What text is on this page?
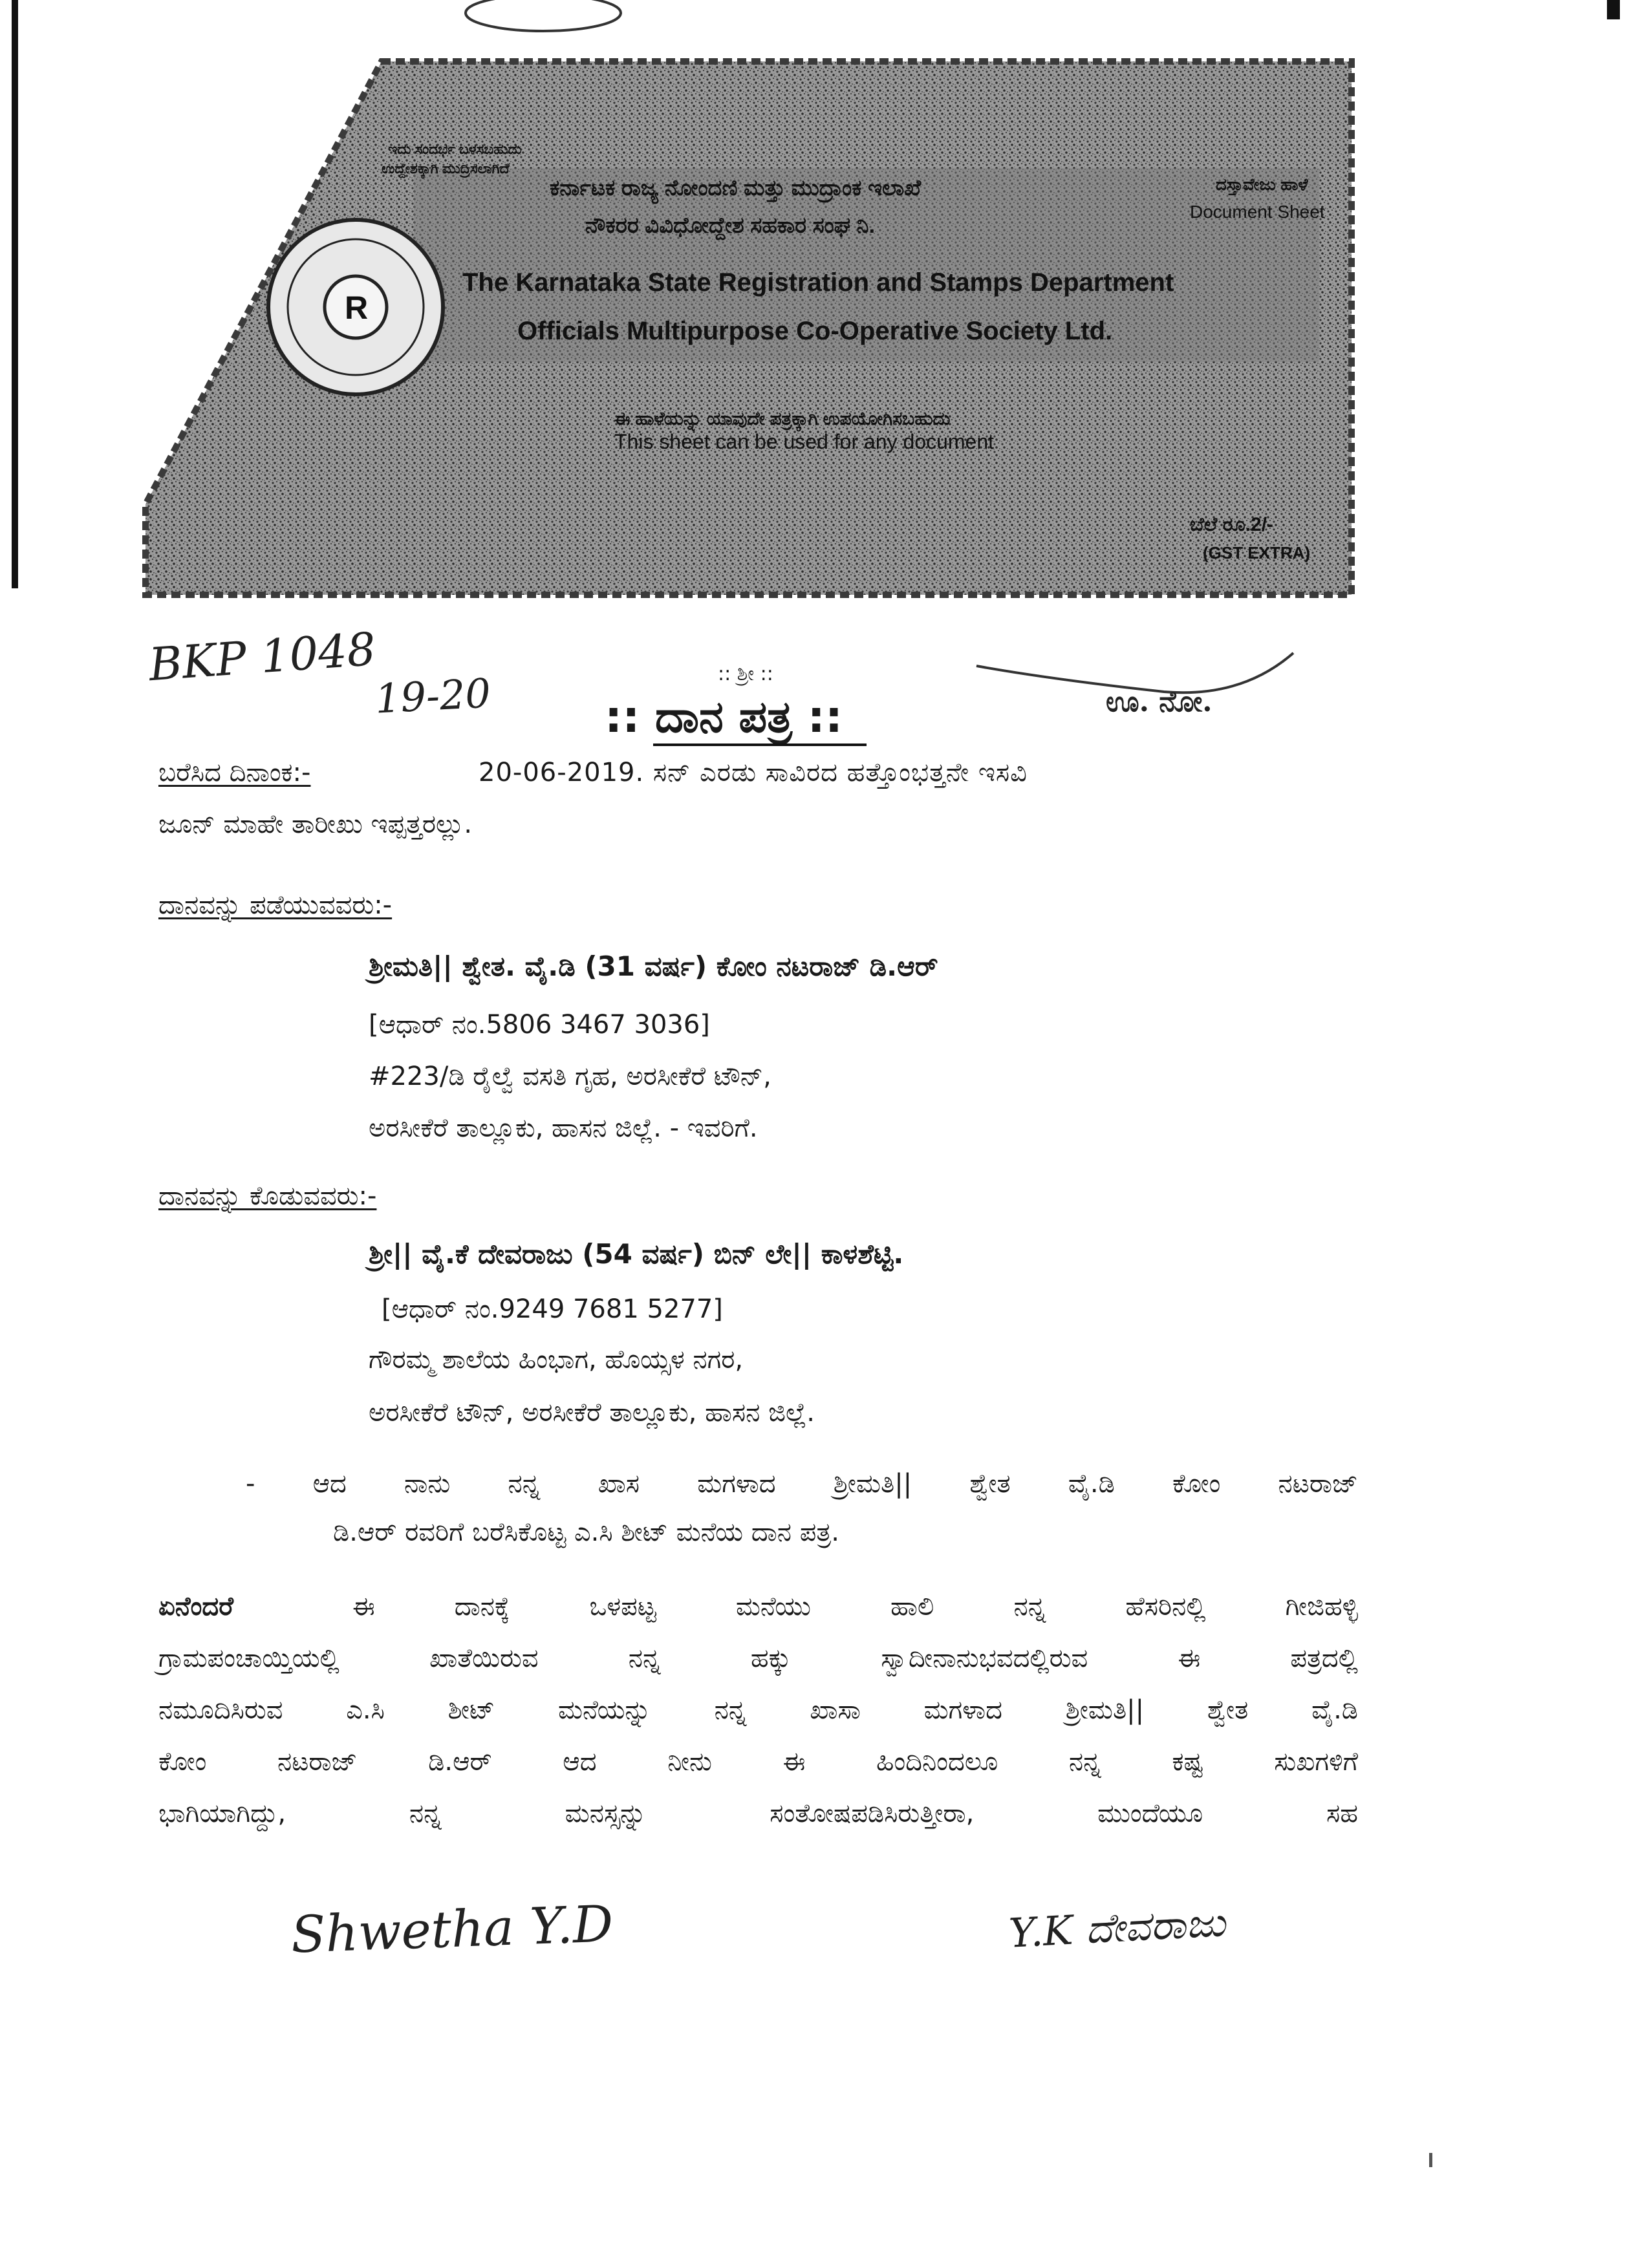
ಇದು ಸಂದರ್ಭ ಬಳಸಬಹುದು
ಉದ್ದೇಶಕ್ಕಾಗಿ ಮುದ್ರಿಸಲಾಗಿದೆ
ಕರ್ನಾಟಕ ರಾಜ್ಯ ನೋಂದಣಿ ಮತ್ತು ಮುದ್ರಾಂಕ ಇಲಾಖೆ
ನೌಕರರ ವಿವಿಧೋದ್ದೇಶ ಸಹಕಾರ ಸಂಘ ನಿ.
The Karnataka State Registration and Stamps Department
Officials Multipurpose Co-Operative Society Ltd.
ಈ ಹಾಳೆಯನ್ನು ಯಾವುದೇ ಪತ್ರಕ್ಕಾಗಿ ಉಪಯೋಗಿಸಬಹುದು
This sheet can be used for any document
ದಸ್ತಾವೇಜು ಹಾಳೆ
Document Sheet
R
ಬೆಲೆ ರೂ.2/-
(GST EXTRA)
BKP 1048
19-20	ಊ. ನೋ.
:: ಶ್ರೀ ::
:: ದಾನ ಪತ್ರ ::
ಬರೆಸಿದ ದಿನಾಂಕ:-	20-06-2019. ಸನ್ ಎರಡು ಸಾವಿರದ ಹತ್ತೊಂಭತ್ತನೇ ಇಸವಿ
ಜೂನ್ ಮಾಹೇ ತಾರೀಖು ಇಪ್ಪತ್ತರಲ್ಲು.
ದಾನವನ್ನು ಪಡೆಯುವವರು:-
ಶ್ರೀಮತಿ|| ಶ್ವೇತ. ವೈ.ಡಿ (31 ವರ್ಷ) ಕೋಂ ನಟರಾಜ್ ಡಿ.ಆರ್
[ಆಧಾರ್ ನಂ.5806 3467 3036]
#223/ಡಿ ರೈಲ್ವೆ ವಸತಿ ಗೃಹ, ಅರಸೀಕೆರೆ ಟೌನ್,
ಅರಸೀಕೆರೆ ತಾಲ್ಲೂಕು, ಹಾಸನ ಜಿಲ್ಲೆ. - ಇವರಿಗೆ.
ದಾನವನ್ನು ಕೊಡುವವರು:-
ಶ್ರೀ|| ವೈ.ಕೆ ದೇವರಾಜು (54 ವರ್ಷ) ಬಿನ್ ಲೇ|| ಕಾಳಶೆಟ್ಟಿ.
[ಆಧಾರ್ ನಂ.9249 7681 5277]
ಗೌರಮ್ಮ ಶಾಲೆಯ ಹಿಂಭಾಗ, ಹೊಯ್ಸಳ ನಗರ,
ಅರಸೀಕೆರೆ ಟೌನ್, ಅರಸೀಕೆರೆ ತಾಲ್ಲೂಕು, ಹಾಸನ ಜಿಲ್ಲೆ.
- ಆದ ನಾನು ನನ್ನ ಖಾಸ ಮಗಳಾದ ಶ್ರೀಮತಿ|| ಶ್ವೇತ ವೈ.ಡಿ ಕೋಂ ನಟರಾಜ್
ಡಿ.ಆರ್ ರವರಿಗೆ ಬರೆಸಿಕೊಟ್ಟ ಎ.ಸಿ ಶೀಟ್ ಮನೆಯ ದಾನ ಪತ್ರ.
ಏನೆಂದರೆ	ಈ ದಾನಕ್ಕೆ ಒಳಪಟ್ಟ ಮನೆಯು ಹಾಲಿ ನನ್ನ ಹೆಸರಿನಲ್ಲಿ ಗೀಜಿಹಳ್ಳಿ
ಗ್ರಾಮಪಂಚಾಯ್ತಿಯಲ್ಲಿ ಖಾತೆಯಿರುವ ನನ್ನ ಹಕ್ಕು ಸ್ವಾದೀನಾನುಭವದಲ್ಲಿರುವ ಈ ಪತ್ರದಲ್ಲಿ
ನಮೂದಿಸಿರುವ ಎ.ಸಿ ಶೀಟ್ ಮನೆಯನ್ನು ನನ್ನ ಖಾಸಾ ಮಗಳಾದ ಶ್ರೀಮತಿ|| ಶ್ವೇತ ವೈ.ಡಿ
ಕೋಂ ನಟರಾಜ್ ಡಿ.ಆರ್ ಆದ ನೀನು ಈ ಹಿಂದಿನಿಂದಲೂ ನನ್ನ ಕಷ್ಟ ಸುಖಗಳಿಗೆ
ಭಾಗಿಯಾಗಿದ್ದು, ನನ್ನ ಮನಸ್ಸನ್ನು ಸಂತೋಷಪಡಿಸಿರುತ್ತೀರಾ, ಮುಂದೆಯೂ ಸಹ
Shwetha Y.D	Y.K ದೇವರಾಜು
